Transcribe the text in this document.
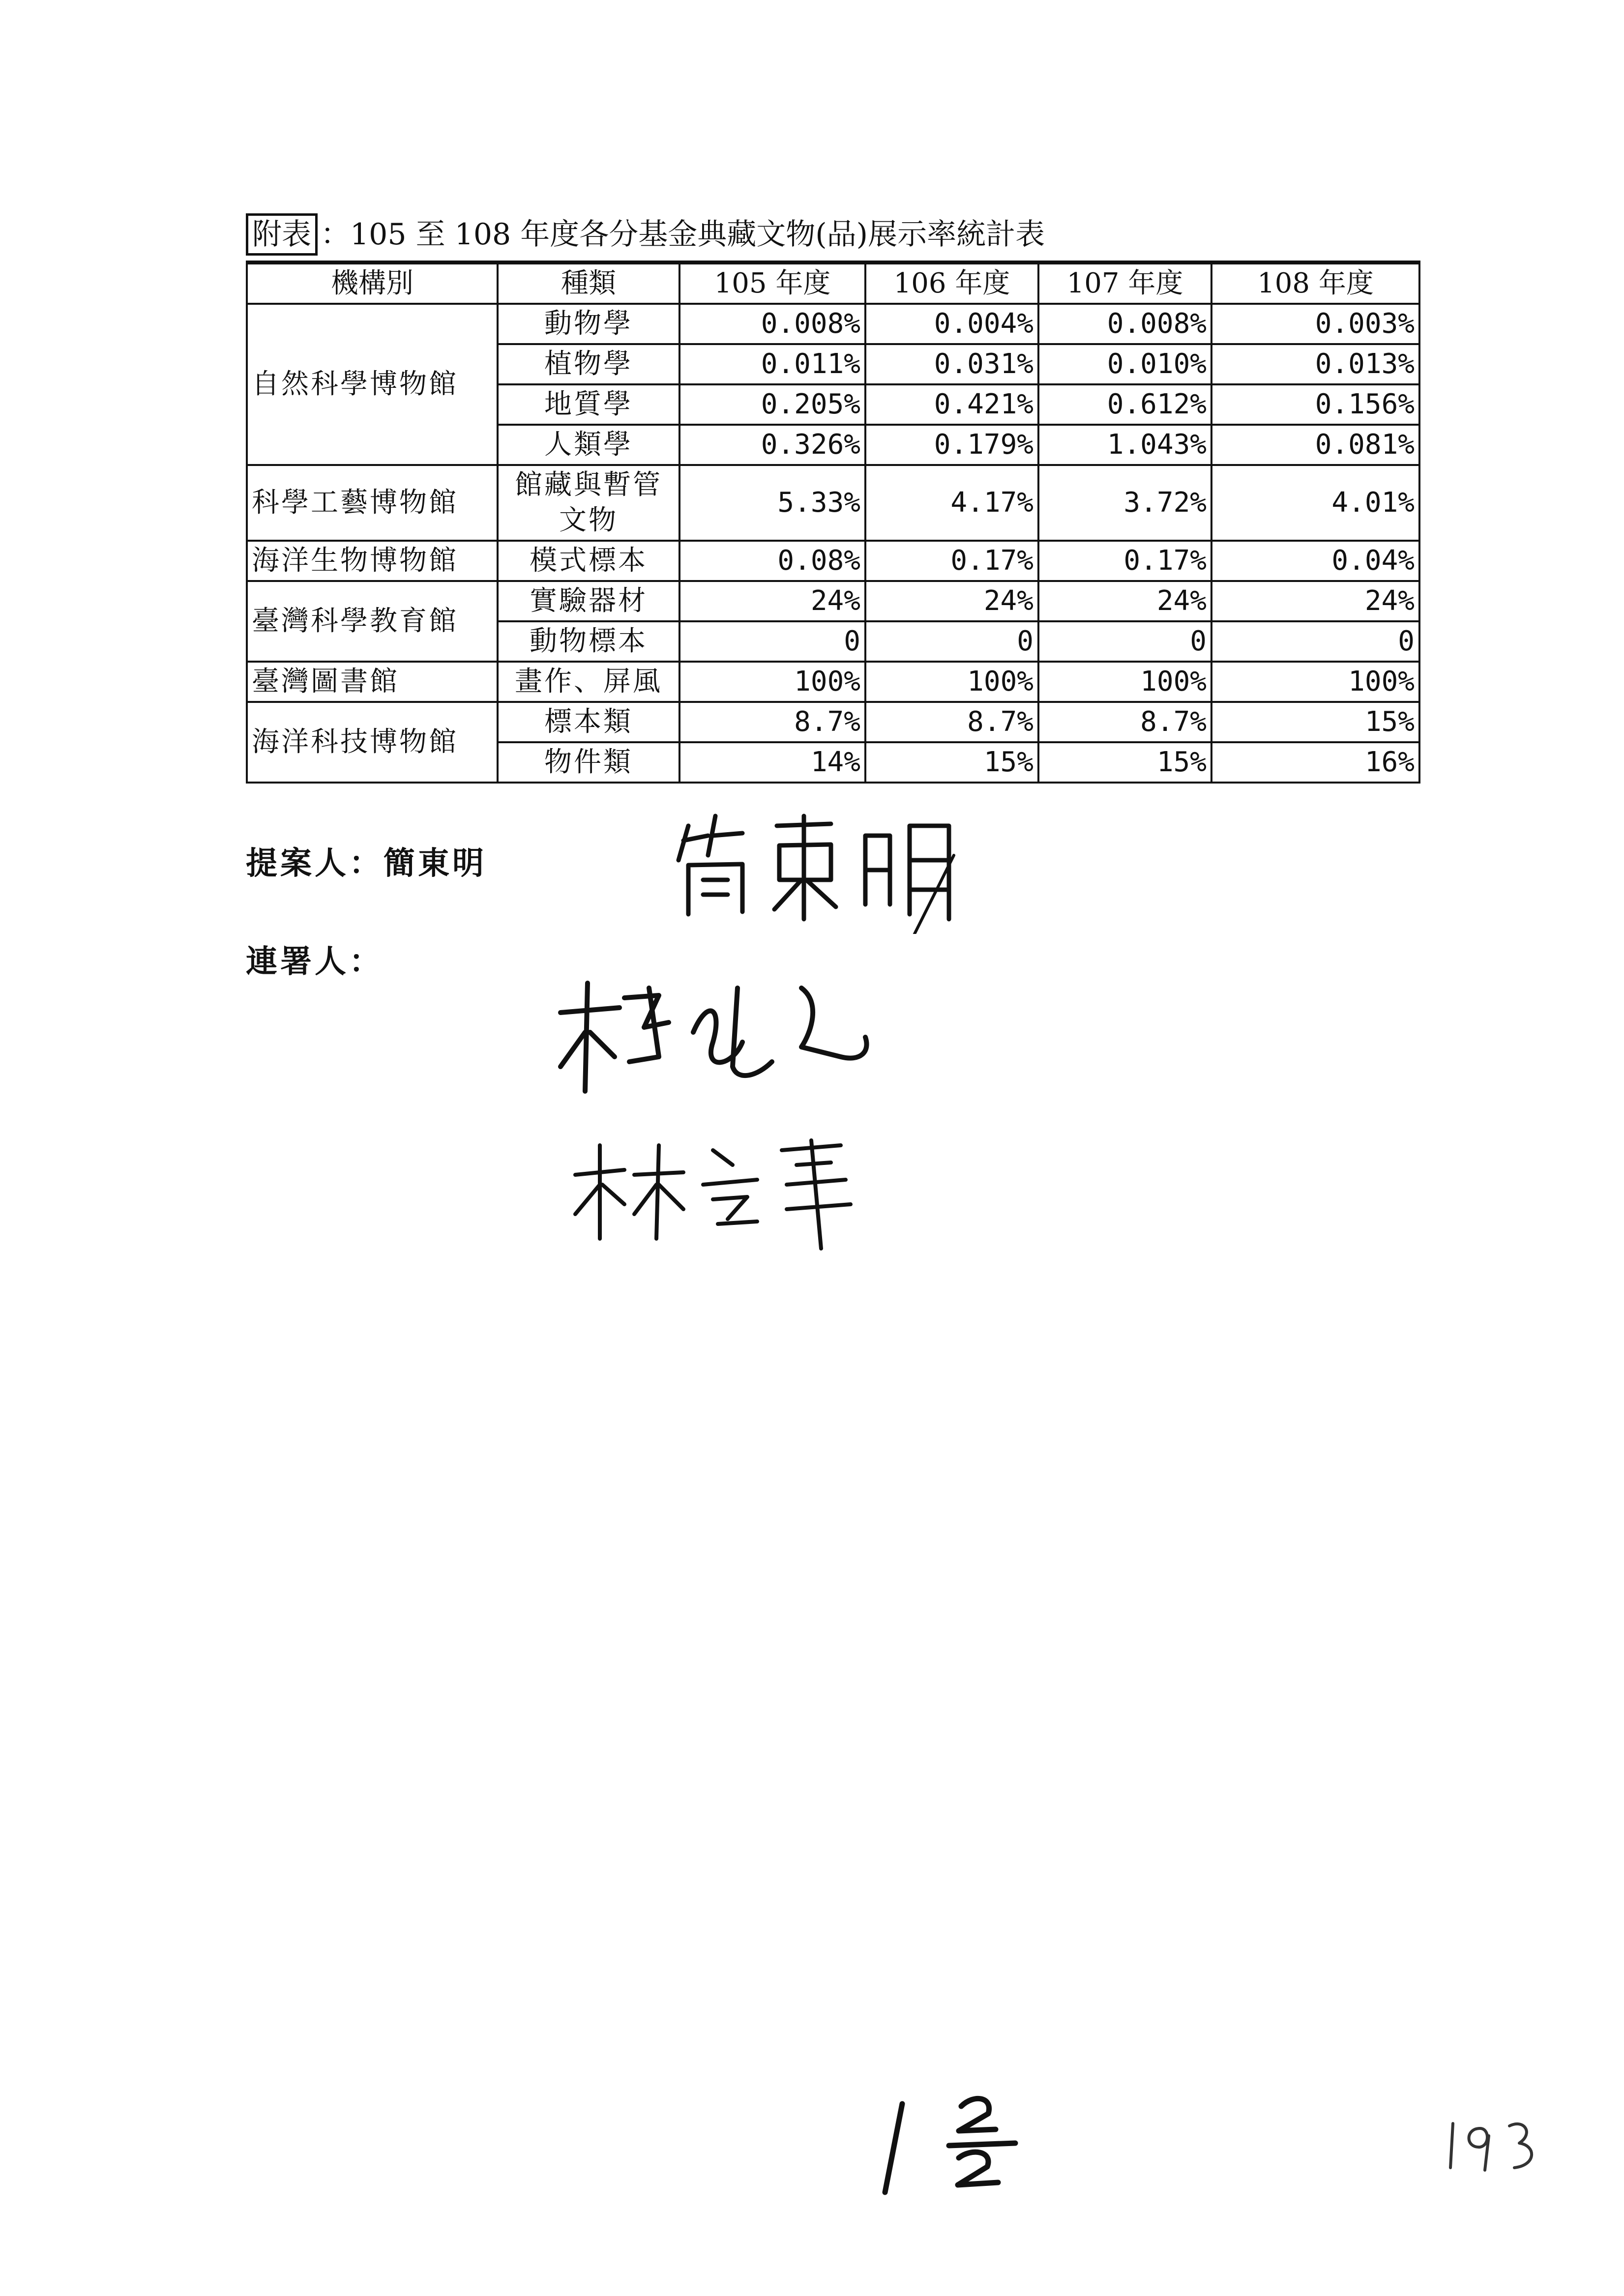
附表 ：105 至 108 年度各分基金典藏文物(品)展示率統計表
機構別	種類	105 年度	106 年度	107 年度	108 年度
自然科學博物館	動物學	0.008%	0.004%	0.008%	0.003%
	植物學	0.011%	0.031%	0.010%	0.013%
	地質學	0.205%	0.421%	0.612%	0.156%
	人類學	0.326%	0.179%	1.043%	0.081%
科學工藝博物館	館藏與暫管文物	5.33%	4.17%	3.72%	4.01%
海洋生物博物館	模式標本	0.08%	0.17%	0.17%	0.04%
臺灣科學教育館	實驗器材	24%	24%	24%	24%
	動物標本	0	0	0	0
臺灣圖書館	畫作、屏風	100%	100%	100%	100%
海洋科技博物館	標本類	8.7%	8.7%	8.7%	15%
	物件類	14%	15%	15%	16%
提案人：簡東明
連署人：
